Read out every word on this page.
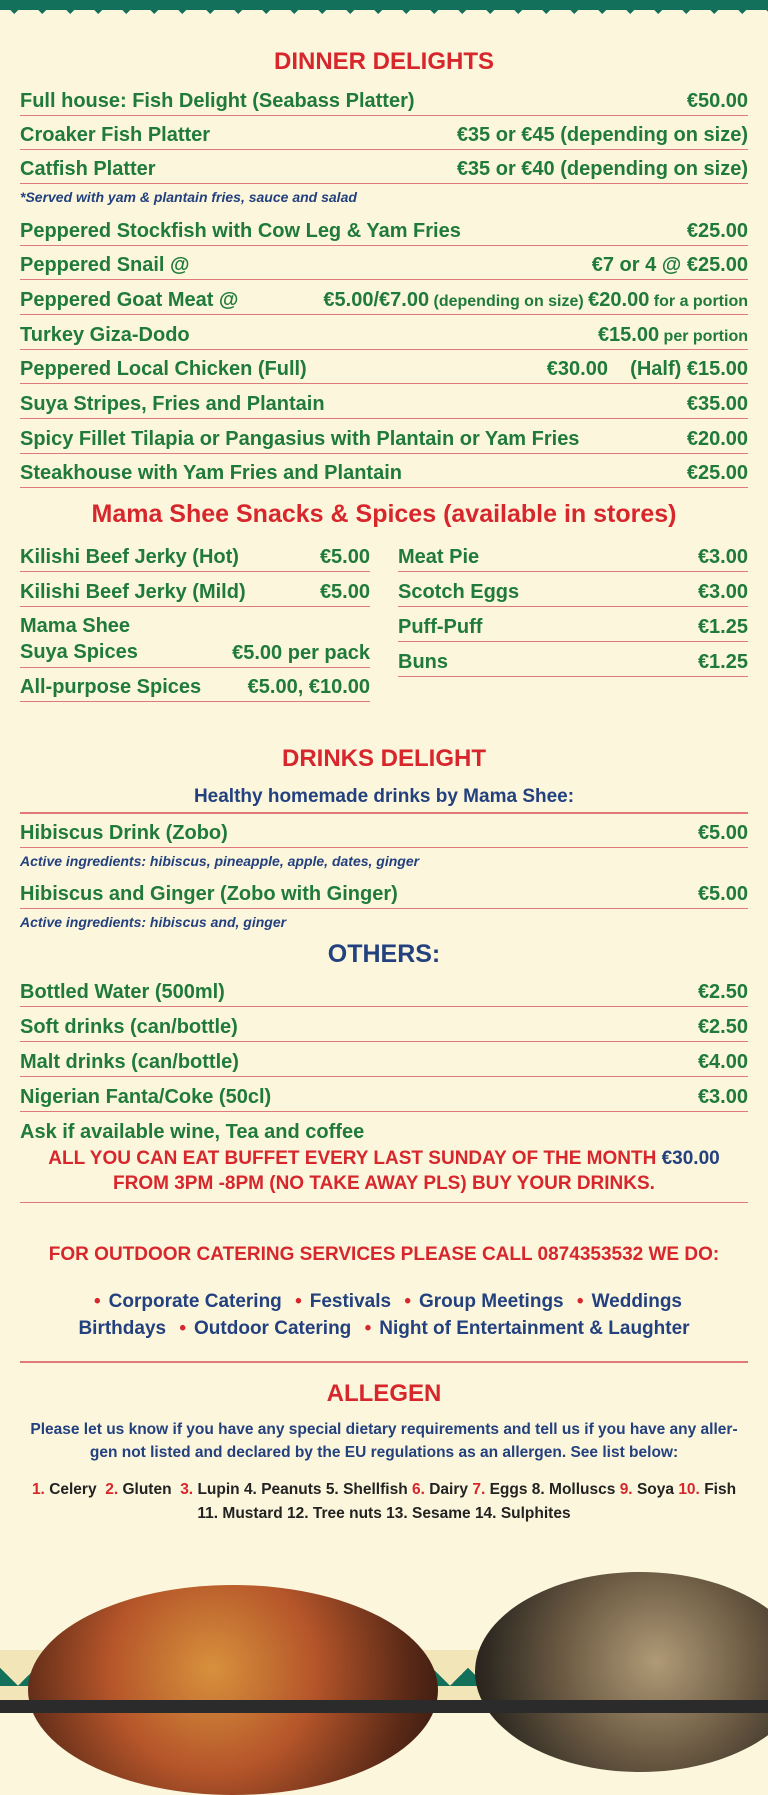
DINNER DELIGHTS
Full house: Fish Delight (Seabass Platter)	€50.00
Croaker Fish Platter	€35 or €45 (depending on size)
Catfish Platter	€35 or €40 (depending on size)
*Served with yam & plantain fries, sauce and salad
Peppered Stockfish with Cow Leg & Yam Fries	€25.00
Peppered Snail @	€7 or 4 @ €25.00
Peppered Goat Meat @	€5.00/€7.00 (depending on size) €20.00 for a portion
Turkey Giza-Dodo	€15.00 per portion
Peppered Local Chicken (Full)	€30.00    (Half) €15.00
Suya Stripes, Fries and Plantain	€35.00
Spicy Fillet Tilapia or Pangasius with Plantain or Yam Fries	€20.00
Steakhouse with Yam Fries and Plantain	€25.00
Mama Shee Snacks & Spices (available in stores)
Kilishi Beef Jerky (Hot)	€5.00
Kilishi Beef Jerky (Mild)	€5.00
Mama Shee
Suya Spices	€5.00 per pack
All-purpose Spices €5.00, €10.00
Meat Pie	€3.00
Scotch Eggs	€3.00
Puff-Puff	€1.25
Buns	€1.25
DRINKS DELIGHT
Healthy homemade drinks by Mama Shee:
Hibiscus Drink (Zobo)	€5.00
Active ingredients: hibiscus, pineapple, apple, dates, ginger
Hibiscus and Ginger (Zobo with Ginger)	€5.00
Active ingredients: hibiscus and, ginger
OTHERS:
Bottled Water (500ml)	€2.50
Soft drinks (can/bottle)	€2.50
Malt drinks (can/bottle)	€4.00
Nigerian Fanta/Coke (50cl)	€3.00
Ask if available wine, Tea and coffee
ALL YOU CAN EAT BUFFET EVERY LAST SUNDAY OF THE MONTH €30.00
FROM 3PM -8PM (NO TAKE AWAY PLS) BUY YOUR DRINKS.
FOR OUTDOOR CATERING SERVICES PLEASE CALL 0874353532 WE DO:
• Corporate Catering • Festivals • Group Meetings • Weddings
Birthdays • Outdoor Catering • Night of Entertainment & Laughter
ALLEGEN
Please let us know if you have any special dietary requirements and tell us if you have any aller-gen not listed and declared by the EU regulations as an allergen. See list below:
1. Celery 2. Gluten 3. Lupin 4. Peanuts 5. Shellfish 6. Dairy 7. Eggs 8. Molluscs 9. Soya 10. Fish
11. Mustard 12. Tree nuts 13. Sesame 14. Sulphites
